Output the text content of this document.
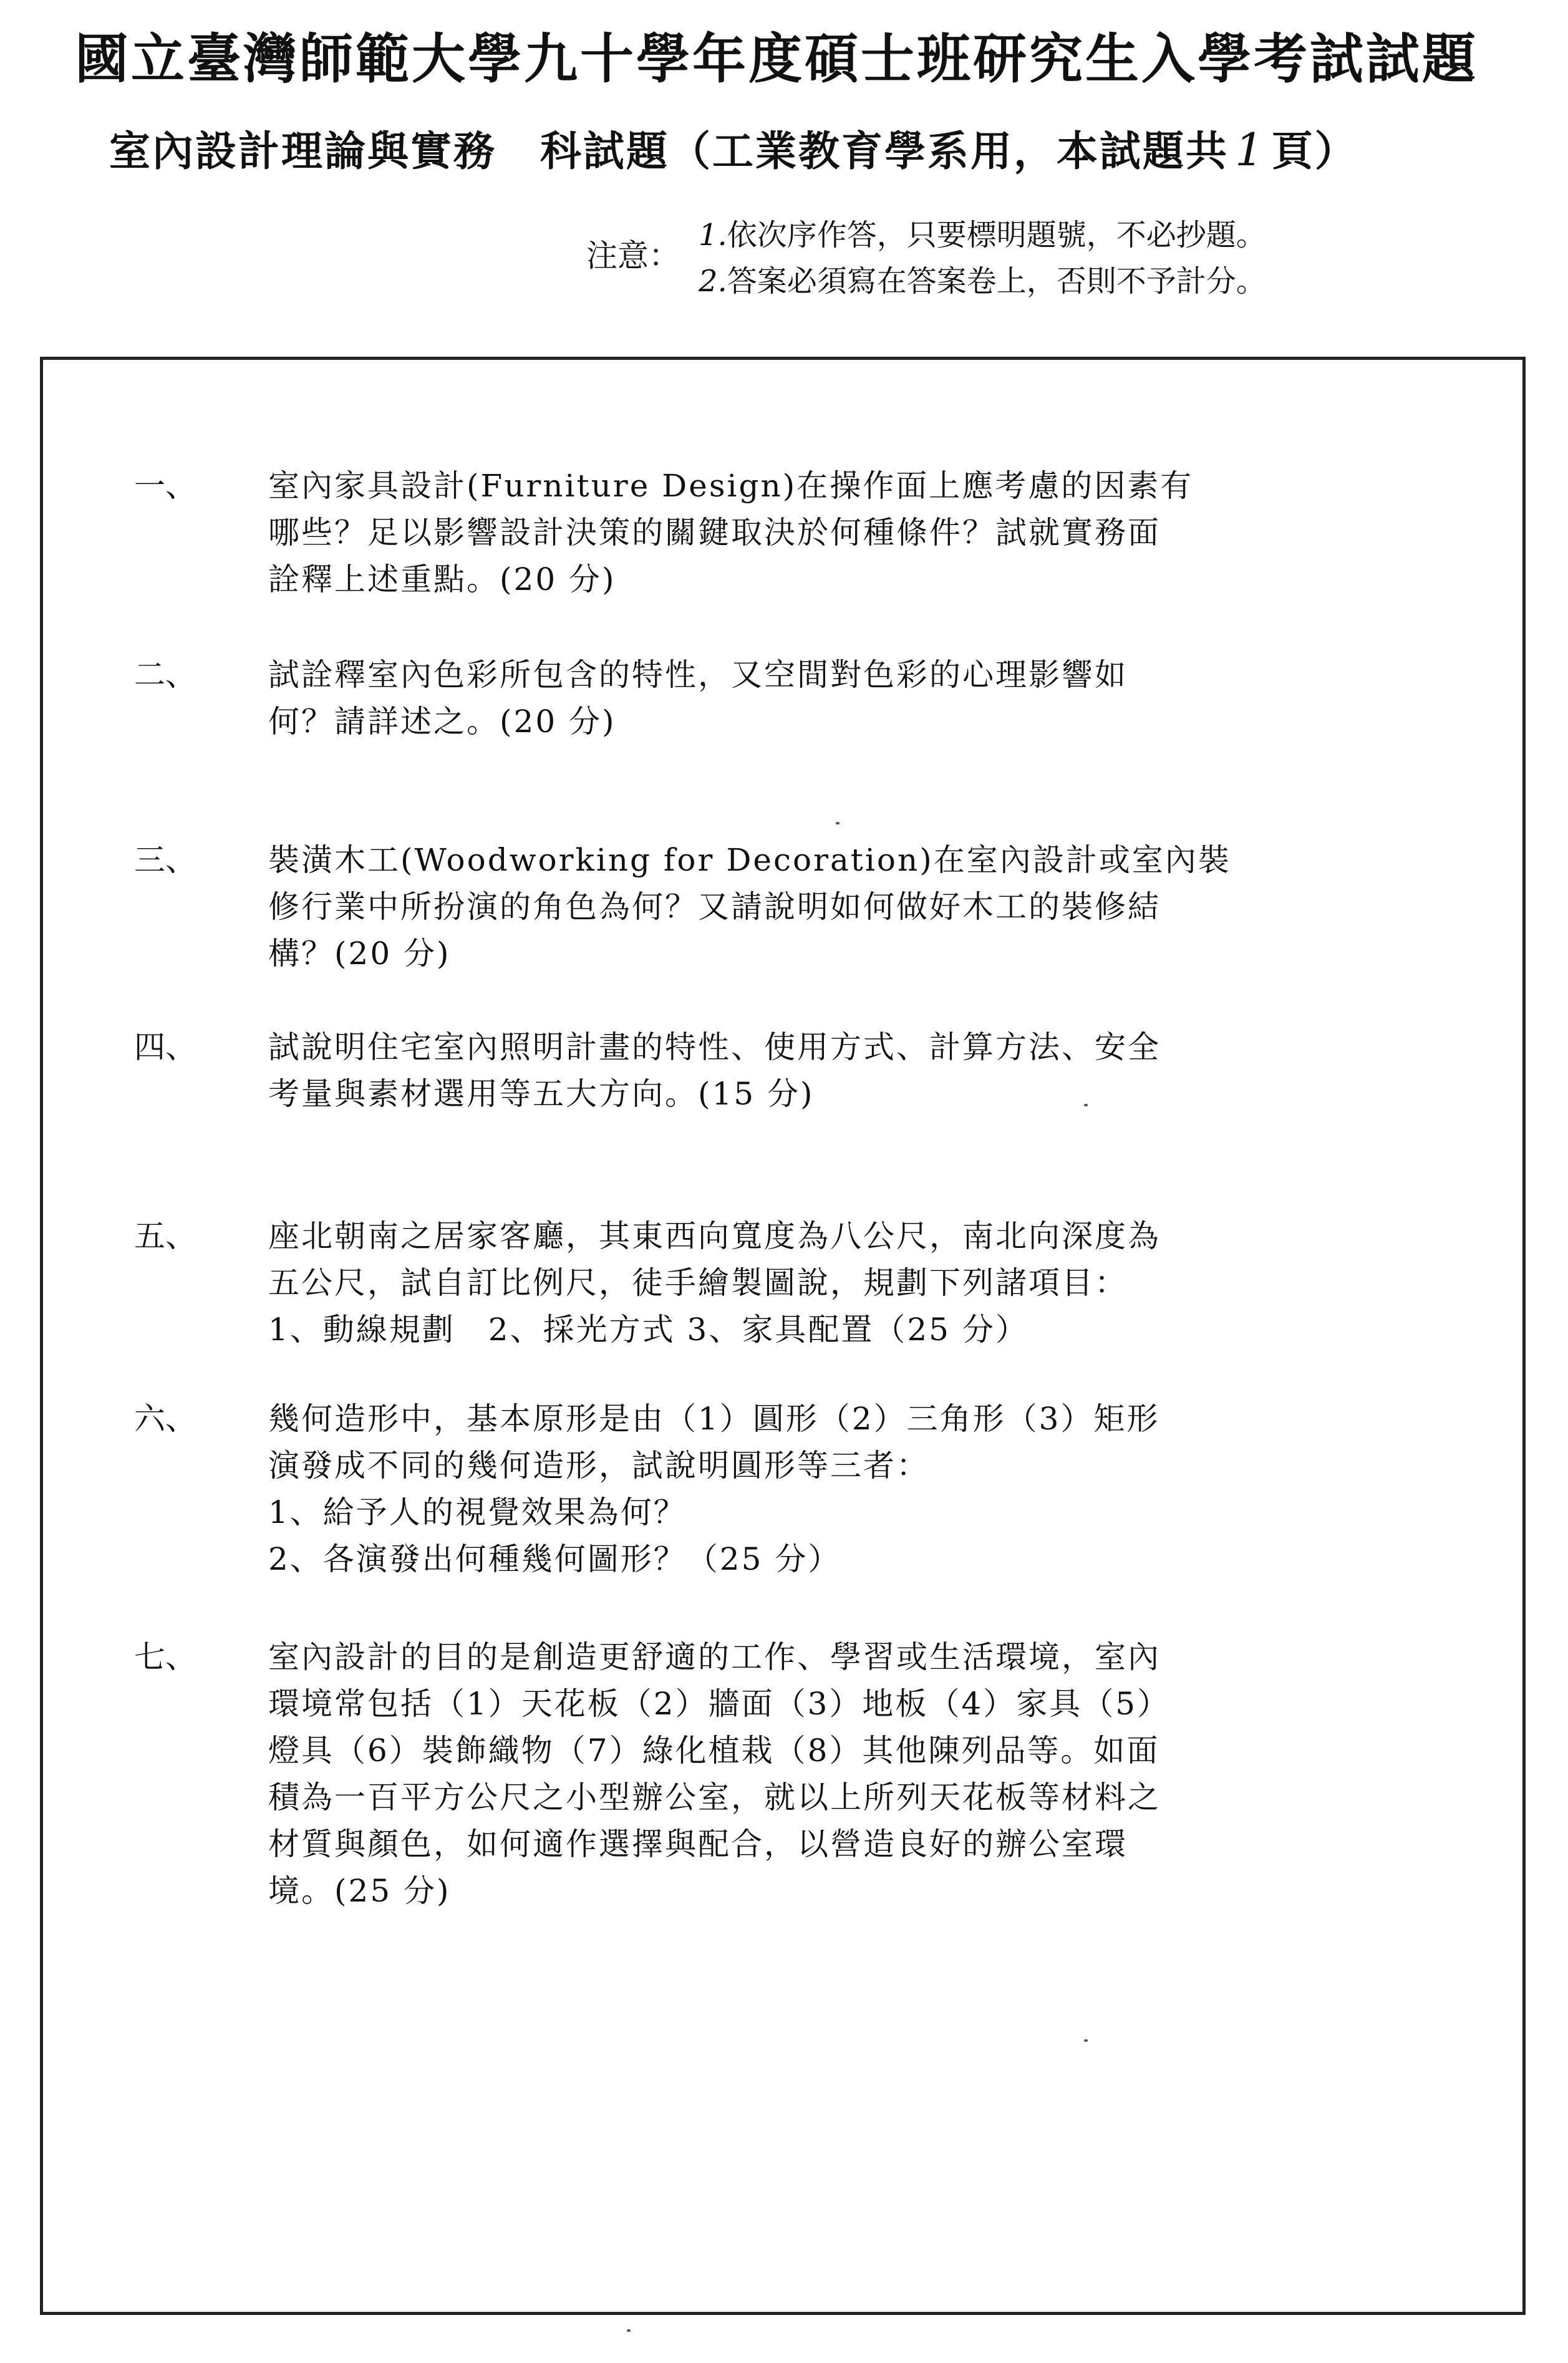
國立臺灣師範大學九十學年度碩士班研究生入學考試試題
室內設計理論與實務 科試題（工業教育學系用，本試題共 1 頁）
注意：
1.依次序作答，只要標明題號，不必抄題。
2.答案必須寫在答案卷上，否則不予計分。
一、 室內家具設計(Furniture Design)在操作面上應考慮的因素有
哪些？足以影響設計決策的關鍵取決於何種條件？試就實務面
詮釋上述重點。(20 分)
二、 試詮釋室內色彩所包含的特性，又空間對色彩的心理影響如
何？請詳述之。(20 分)
三、 裝潢木工(Woodworking for Decoration)在室內設計或室內裝
修行業中所扮演的角色為何？又請說明如何做好木工的裝修結
構？(20 分)
四、 試說明住宅室內照明計畫的特性、使用方式、計算方法、安全
考量與素材選用等五大方向。(15 分)
五、 座北朝南之居家客廳，其東西向寬度為八公尺，南北向深度為
五公尺，試自訂比例尺，徒手繪製圖說，規劃下列諸項目：
1、動線規劃　2、採光方式 3、家具配置（25 分）
六、 幾何造形中，基本原形是由（1）圓形（2）三角形（3）矩形
演發成不同的幾何造形，試說明圓形等三者：
1、給予人的視覺效果為何？
2、各演發出何種幾何圖形？（25 分）
七、 室內設計的目的是創造更舒適的工作、學習或生活環境，室內
環境常包括（1）天花板（2）牆面（3）地板（4）家具（5）
燈具（6）裝飾織物（7）綠化植栽（8）其他陳列品等。如面
積為一百平方公尺之小型辦公室，就以上所列天花板等材料之
材質與顏色，如何適作選擇與配合，以營造良好的辦公室環
境。(25 分)
